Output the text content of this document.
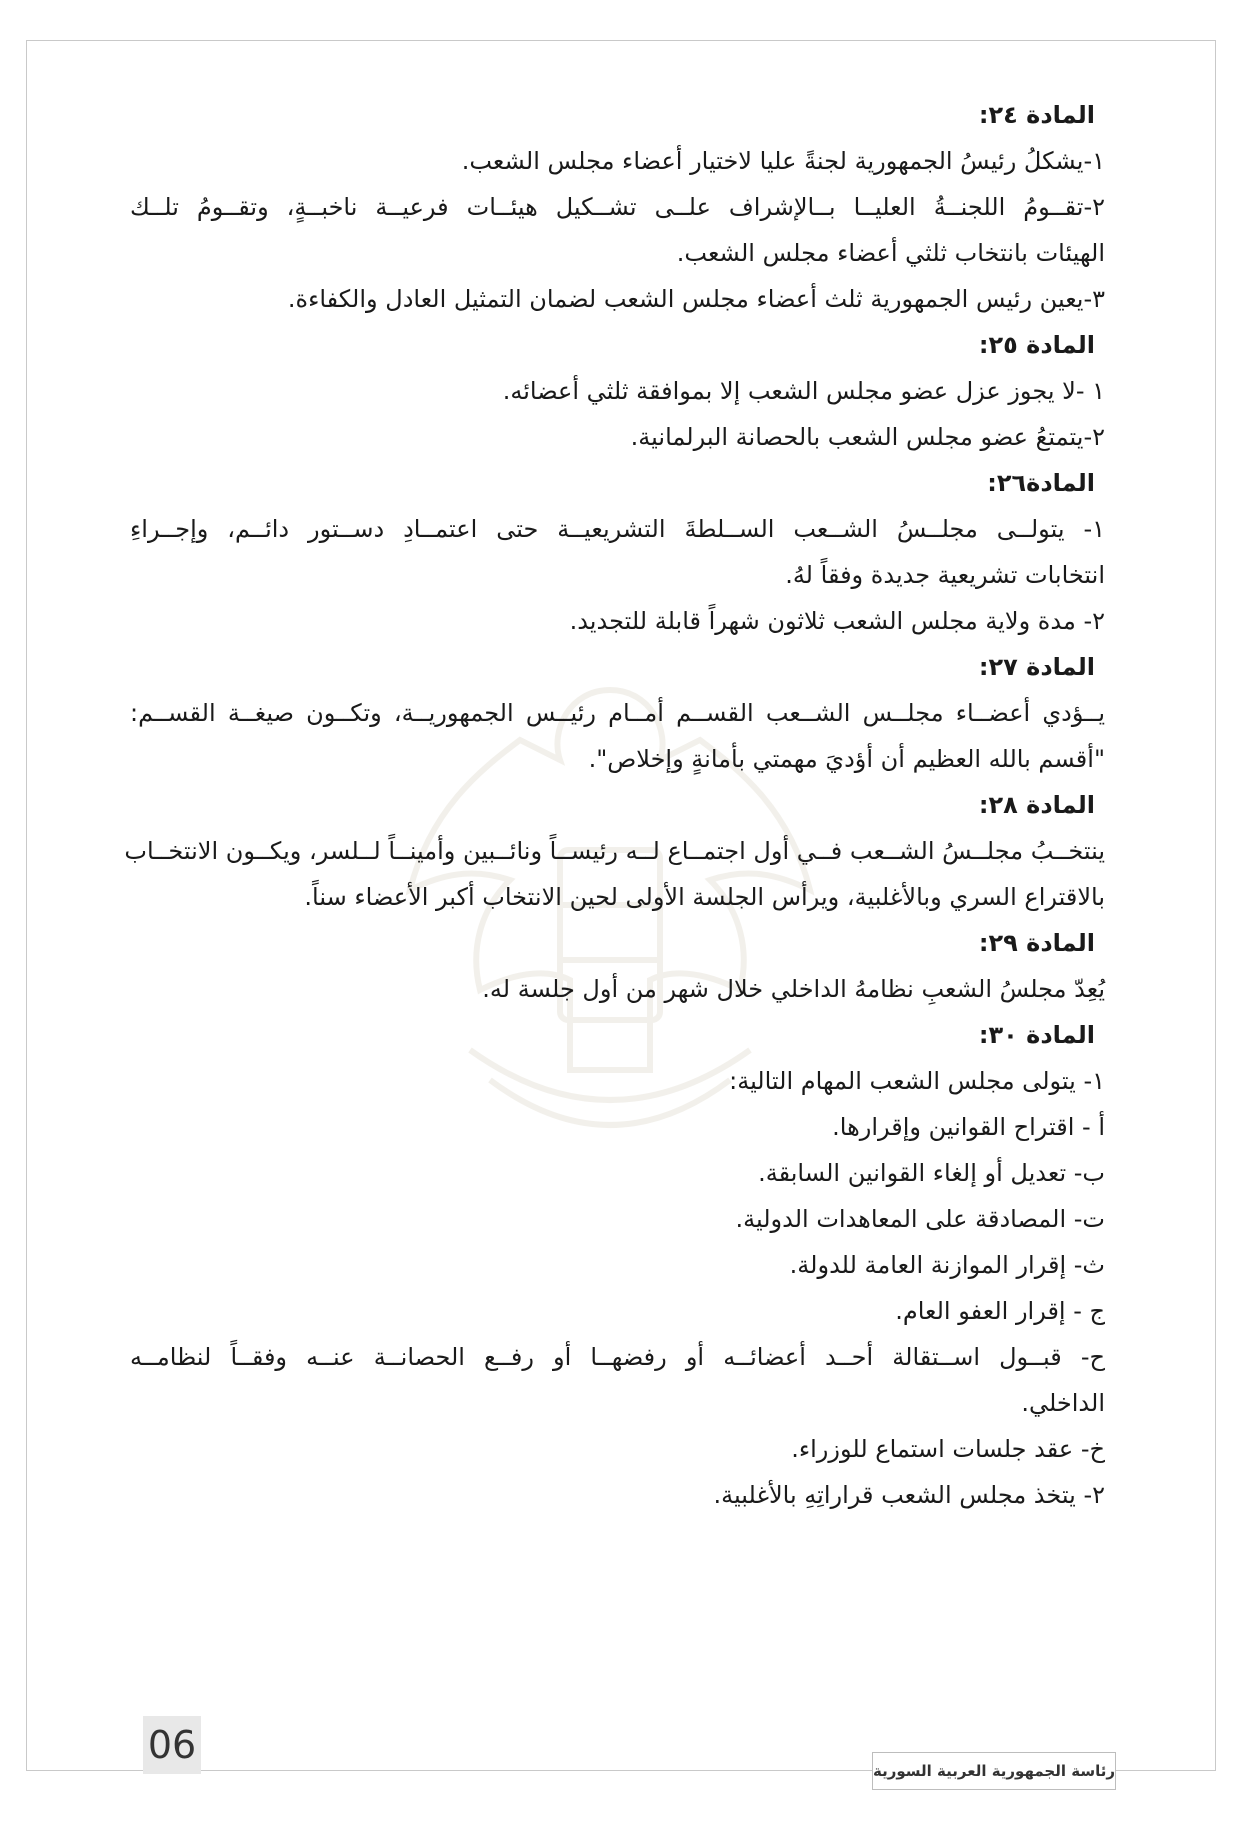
المادة ٢٤:
١-يشكلُ رئيسُ الجمهورية لجنةً عليا لاختيار أعضاء مجلس الشعب.
٢-تقــومُ اللجنــةُ العليــا بــالإشراف علــى تشــكيل هيئــات فرعيــة ناخبــةٍ، وتقــومُ تلــك
الهيئات بانتخاب ثلثي أعضاء مجلس الشعب.
٣-يعين رئيس الجمهورية ثلث أعضاء مجلس الشعب لضمان التمثيل العادل والكفاءة.
المادة ٢٥:
١ -لا يجوز عزل عضو مجلس الشعب إلا بموافقة ثلثي أعضائه.
٢-يتمتعُ عضو مجلس الشعب بالحصانة البرلمانية.
المادة٢٦:
١- يتولــى مجلــسُ الشــعب الســلطةَ التشريعيــة حتى اعتمــادِ دســتور دائــم، وإجــراءِ
انتخابات تشريعية جديدة وفقاً لهُ.
٢- مدة ولاية مجلس الشعب ثلاثون شهراً قابلة للتجديد.
المادة ٢٧:
يــؤدي أعضــاء مجلــس الشــعب القســم أمــام رئيــس الجمهوريــة، وتكــون صيغــة القســم:
"أقسم بالله العظيم أن أؤديَ مهمتي بأمانةٍ وإخلاص".
المادة ٢٨:
ينتخــبُ مجلــسُ الشــعب فــي أول اجتمــاع لــه رئيســاً ونائــبين وأمينــاً لــلسر، ويكــون الانتخــاب
بالاقتراع السري وبالأغلبية، ويرأس الجلسة الأولى لحين الانتخاب أكبر الأعضاء سناً.
المادة ٢٩:
يُعِدّ مجلسُ الشعبِ نظامهُ الداخلي خلال شهر من أول جلسة له.
المادة ٣٠:
١- يتولى مجلس الشعب المهام التالية:
أ - اقتراح القوانين وإقرارها.
ب- تعديل أو إلغاء القوانين السابقة.
ت- المصادقة على المعاهدات الدولية.
ث- إقرار الموازنة العامة للدولة.
ج - إقرار العفو العام.
ح- قبــول اســتقالة أحــد أعضائــه أو رفضهــا أو رفــع الحصانــة عنــه وفقــاً لنظامــه
الداخلي.
خ- عقد جلسات استماع للوزراء.
٢- يتخذ مجلس الشعب قراراتِهِ بالأغلبية.
06
رئاسة الجمهورية العربية السورية
